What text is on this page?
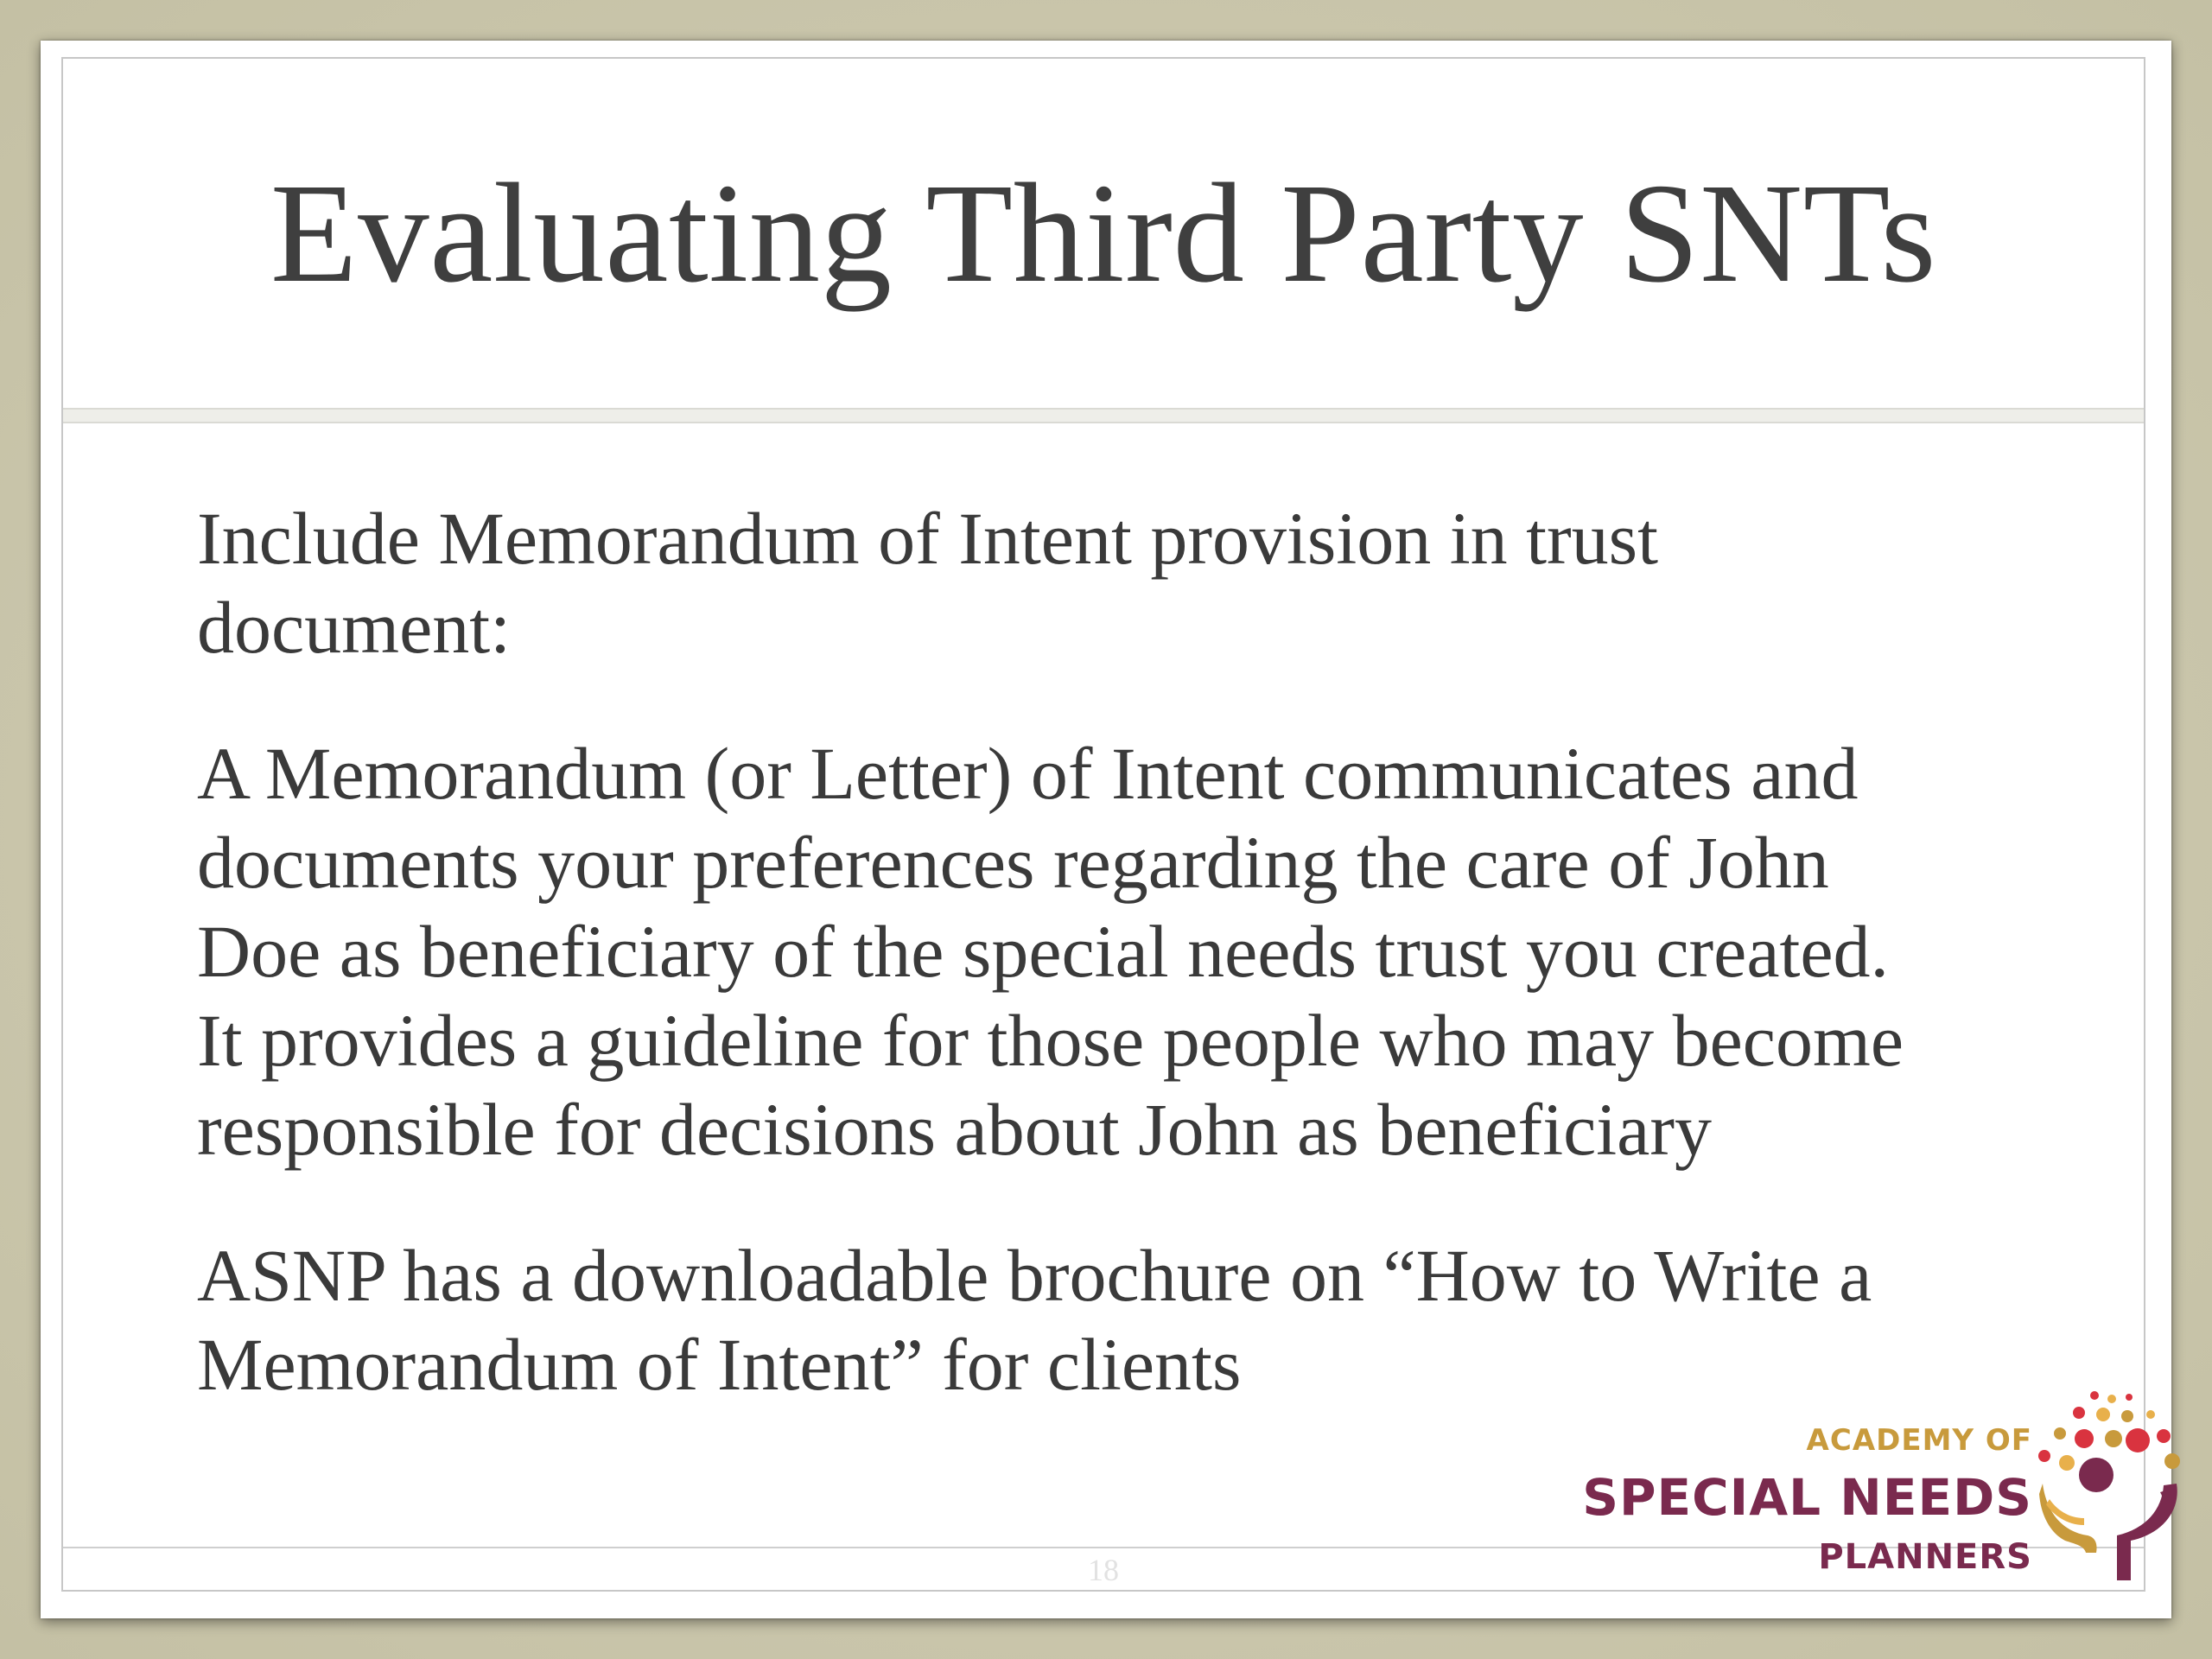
Evaluating Third Party SNTs

Include Memorandum of Intent provision in trust
document:

A Memorandum (or Letter) of Intent communicates and
documents your preferences regarding the care of John
Doe as beneficiary of the special needs trust you created.
It provides a guideline for those people who may become
responsible for decisions about John as beneficiary

ASNP has a downloadable brochure on “How to Write a
Memorandum of Intent” for clients

18
ACADEMY OF
SPECIAL NEEDS
PLANNERS
